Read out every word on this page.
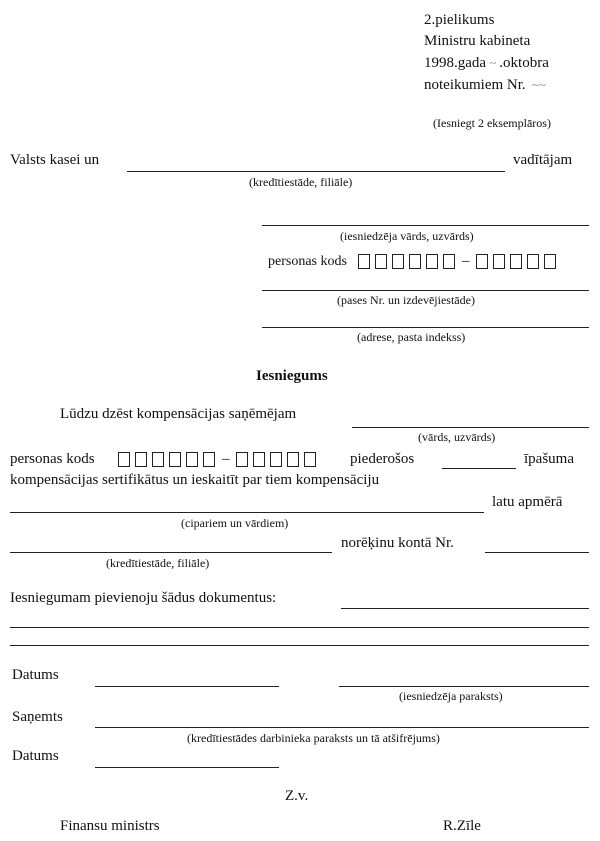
2.pielikums
Ministru kabineta
1998.gada ~ .oktobra
noteikumiem Nr. ~~
(Iesniegt 2 eksemplāros)
Valsts kasei un	vadītājam
(kredītiestāde, filiāle)
(iesniedzēja vārds, uzvārds)
personas kods	–
(pases Nr. un izdevējiestāde)
(adrese, pasta indekss)
Iesniegums
Lūdzu dzēst kompensācijas saņēmējam
(vārds, uzvārds)
personas kods	–	piederošos	īpašuma
kompensācijas sertifikātus un ieskaitīt par tiem kompensāciju
latu apmērā
(cipariem un vārdiem)
norēķinu kontā Nr.
(kredītiestāde, filiāle)
Iesniegumam pievienoju šādus dokumentus:
Datums
(iesniedzēja paraksts)
Saņemts
(kredītiestādes darbinieka paraksts un tā atšifrējums)
Datums
Z.v.
Finansu ministrs	R.Zīle
